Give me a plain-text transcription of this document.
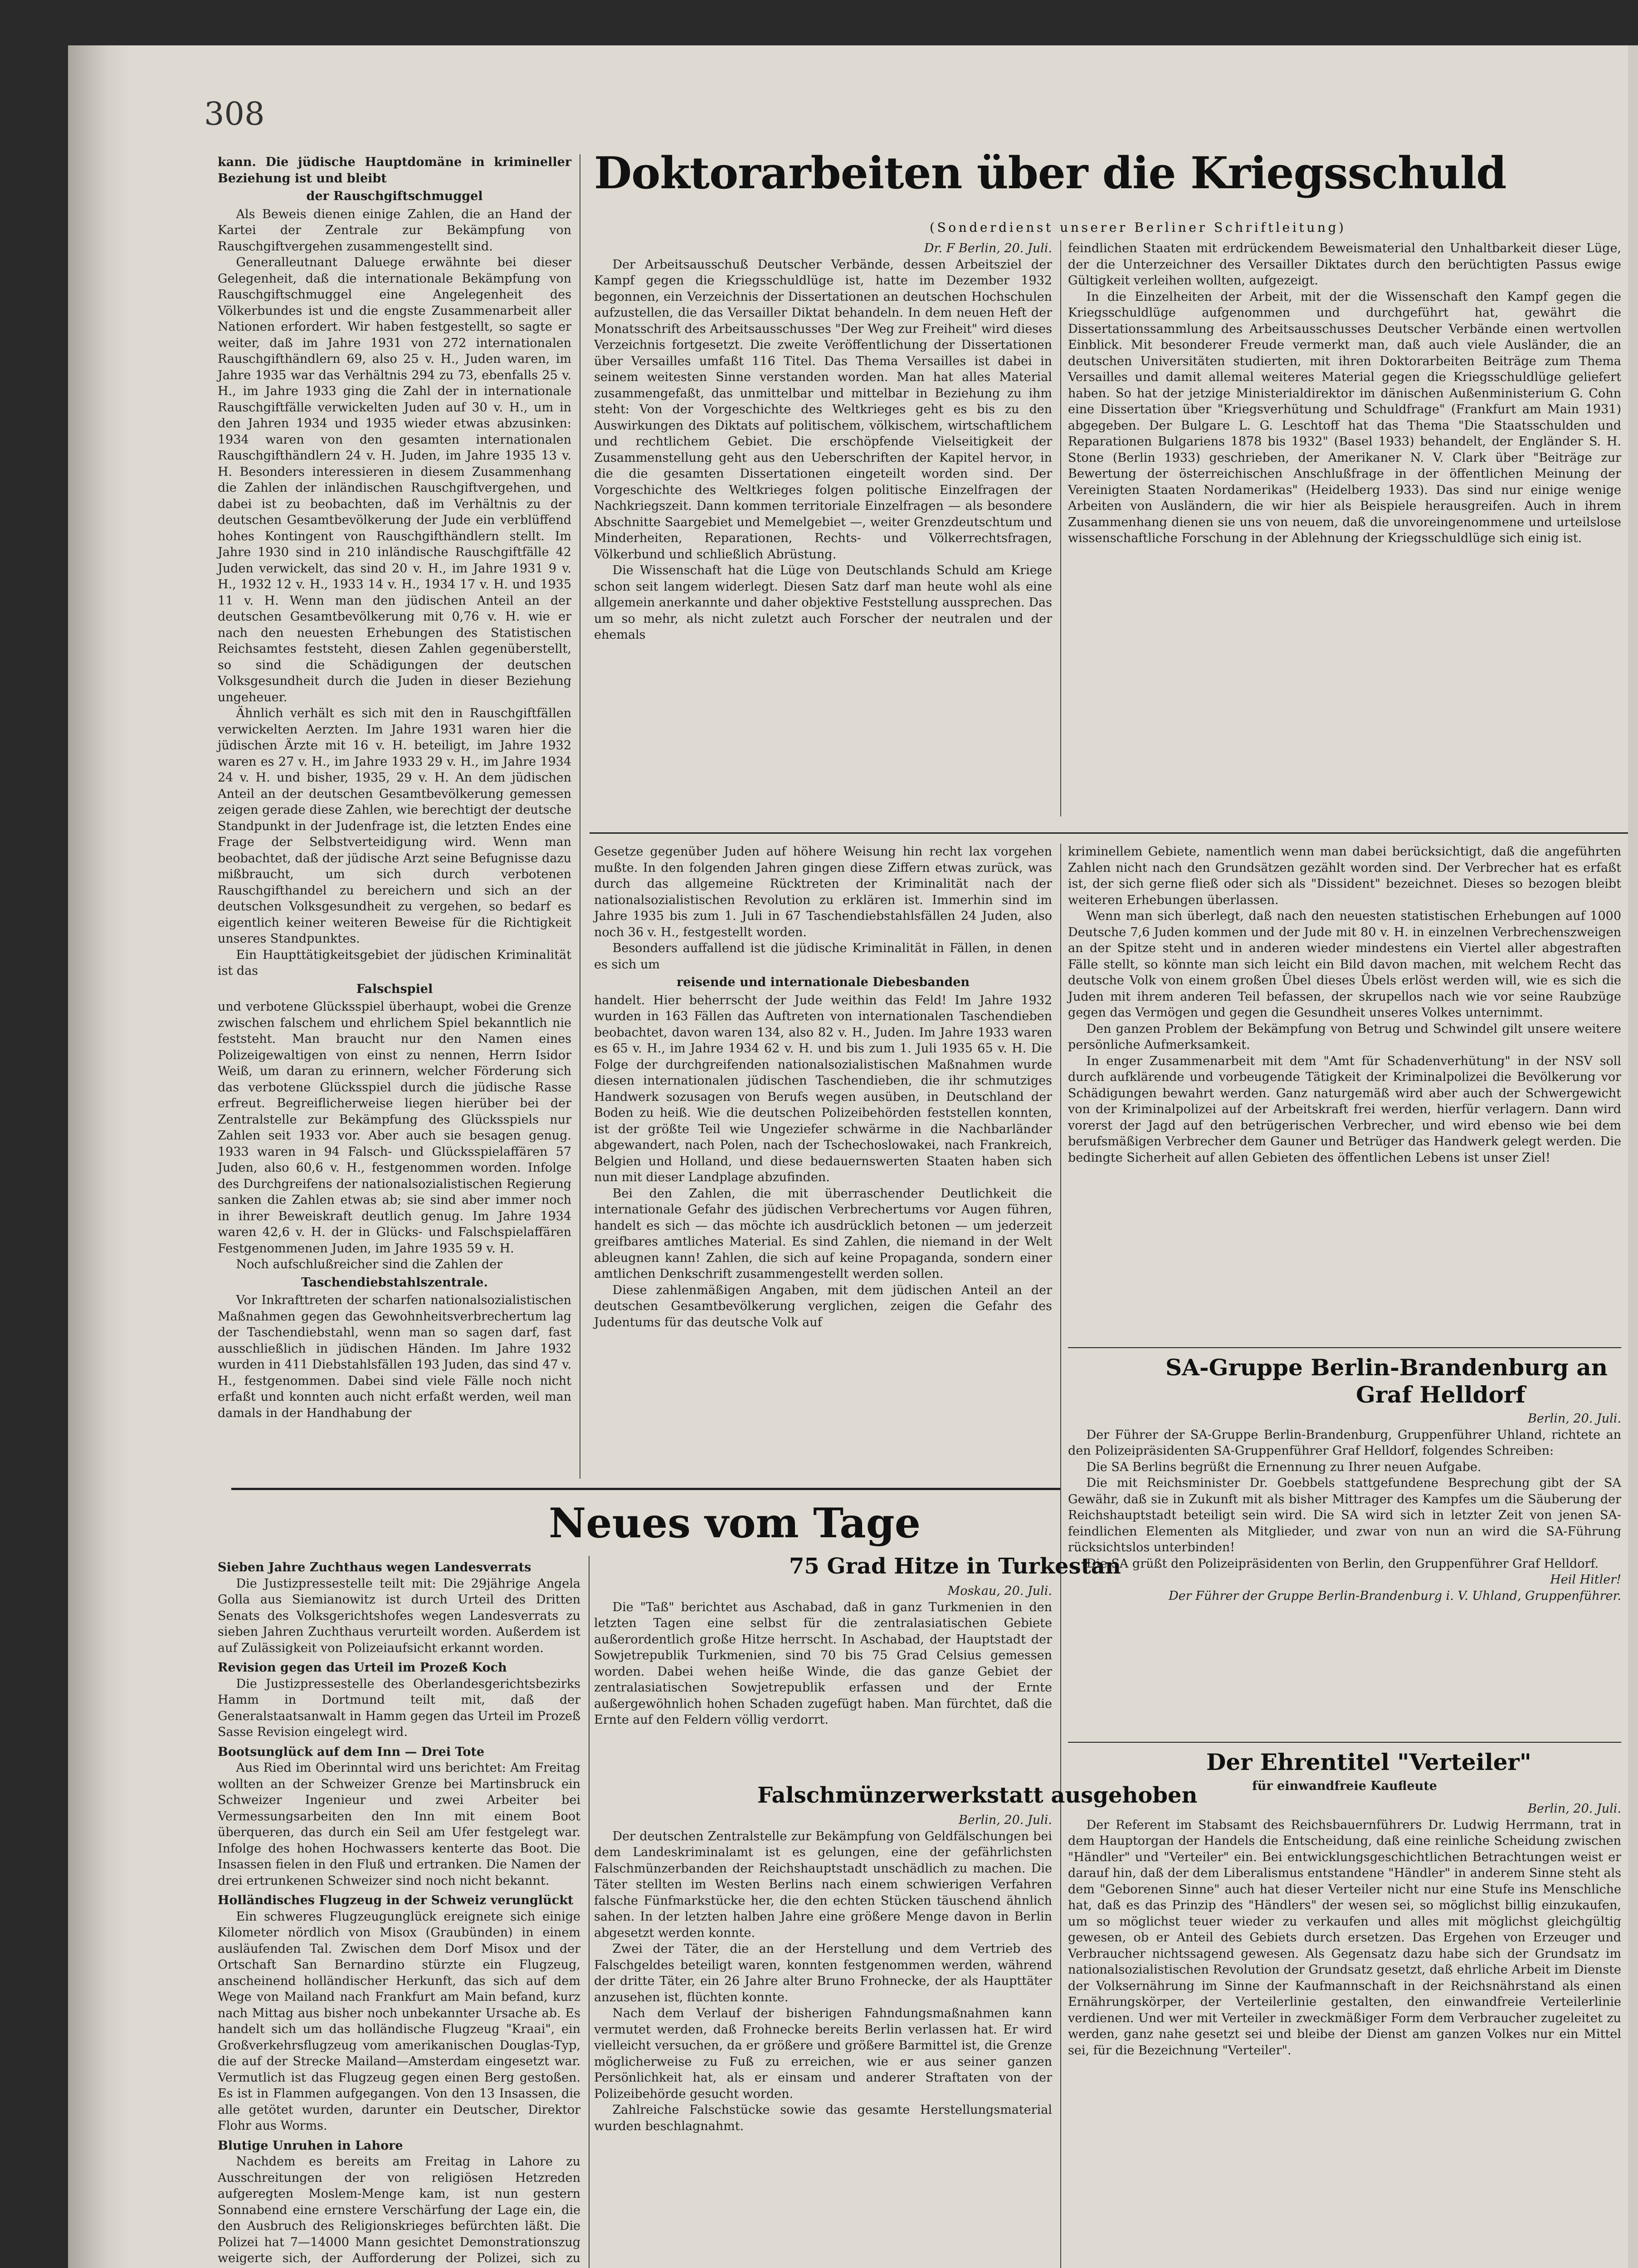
308

kann. Die jüdische Hauptdomäne in krimineller Beziehung ist und bleibt

der Rauschgiftschmuggel

Als Beweis dienen einige Zahlen, die an Hand der Kartei der Zentrale zur Bekämpfung von Rauschgiftvergehen zusammengestellt sind.

Generalleutnant Daluege erwähnte bei dieser Gelegenheit, daß die internationale Bekämpfung von Rauschgiftschmuggel eine Angelegenheit des Völkerbundes ist und die engste Zusammenarbeit aller Nationen erfordert. Wir haben festgestellt, so sagte er weiter, daß im Jahre 1931 von 272 internationalen Rauschgifthändlern 69, also 25 v. H., Juden waren, im Jahre 1935 war das Verhältnis 294 zu 73, ebenfalls 25 v. H., im Jahre 1933 ging die Zahl der in internationale Rauschgiftfälle verwickelten Juden auf 30 v. H., um in den Jahren 1934 und 1935 wieder etwas abzusinken: 1934 waren von den gesamten internationalen Rauschgifthändlern 24 v. H. Juden, im Jahre 1935 13 v. H. Besonders interessieren in diesem Zusammenhang die Zahlen der inländischen Rauschgiftvergehen, und dabei ist zu beobachten, daß im Verhältnis zu der deutschen Gesamtbevölkerung der Jude ein verblüffend hohes Kontingent von Rauschgifthändlern stellt. Im Jahre 1930 sind in 210 inländische Rauschgiftfälle 42 Juden verwickelt, das sind 20 v. H., im Jahre 1931 9 v. H., 1932 12 v. H., 1933 14 v. H., 1934 17 v. H. und 1935 11 v. H. Wenn man den jüdischen Anteil an der deutschen Gesamtbevölkerung mit 0,76 v. H. wie er nach den neuesten Erhebungen des Statistischen Reichsamtes feststeht, diesen Zahlen gegenüberstellt, so sind die Schädigungen der deutschen Volksgesundheit durch die Juden in dieser Beziehung ungeheuer.

Ähnlich verhält es sich mit den in Rauschgiftfällen verwickelten Aerzten. Im Jahre 1931 waren hier die jüdischen Ärzte mit 16 v. H. beteiligt, im Jahre 1932 waren es 27 v. H., im Jahre 1933 29 v. H., im Jahre 1934 24 v. H. und bisher, 1935, 29 v. H. An dem jüdischen Anteil an der deutschen Gesamtbevölkerung gemessen zeigen gerade diese Zahlen, wie berechtigt der deutsche Standpunkt in der Judenfrage ist, die letzten Endes eine Frage der Selbstverteidigung wird. Wenn man beobachtet, daß der jüdische Arzt seine Befugnisse dazu mißbraucht, um sich durch verbotenen Rauschgifthandel zu bereichern und sich an der deutschen Volksgesundheit zu vergehen, so bedarf es eigentlich keiner weiteren Beweise für die Richtigkeit unseres Standpunktes.

Ein Haupttätigkeitsgebiet der jüdischen Kriminalität ist das

Falschspiel

und verbotene Glücksspiel überhaupt, wobei die Grenze zwischen falschem und ehrlichem Spiel bekanntlich nie feststeht. Man braucht nur den Namen eines Polizeigewaltigen von einst zu nennen, Herrn Isidor Weiß, um daran zu erinnern, welcher Förderung sich das verbotene Glücksspiel durch die jüdische Rasse erfreut. Begreiflicherweise liegen hierüber bei der Zentralstelle zur Bekämpfung des Glücksspiels nur Zahlen seit 1933 vor. Aber auch sie besagen genug. 1933 waren in 94 Falsch- und Glücksspielaffären 57 Juden, also 60,6 v. H., festgenommen worden. Infolge des Durchgreifens der nationalsozialistischen Regierung sanken die Zahlen etwas ab; sie sind aber immer noch in ihrer Beweiskraft deutlich genug. Im Jahre 1934 waren 42,6 v. H. der in Glücks- und Falschspielaffären Festgenommenen Juden, im Jahre 1935 59 v. H.

Noch aufschlußreicher sind die Zahlen der

Taschendiebstahlszentrale.

Vor Inkrafttreten der scharfen nationalsozialistischen Maßnahmen gegen das Gewohnheitsverbrechertum lag der Taschendiebstahl, wenn man so sagen darf, fast ausschließlich in jüdischen Händen. Im Jahre 1932 wurden in 411 Diebstahlsfällen 193 Juden, das sind 47 v. H., festgenommen. Dabei sind viele Fälle noch nicht erfaßt und konnten auch nicht erfaßt werden, weil man damals in der Handhabung der

Doktorarbeiten über die Kriegsschuld
(Sonderdienst unserer Berliner Schriftleitung)

Dr. F Berlin, 20. Juli.

Der Arbeitsausschuß Deutscher Verbände, dessen Arbeitsziel der Kampf gegen die Kriegsschuldlüge ist, hatte im Dezember 1932 begonnen, ein Verzeichnis der Dissertationen an deutschen Hochschulen aufzustellen, die das Versailler Diktat behandeln. In dem neuen Heft der Monatsschrift des Arbeitsausschusses "Der Weg zur Freiheit" wird dieses Verzeichnis fortgesetzt. Die zweite Veröffentlichung der Dissertationen über Versailles umfaßt 116 Titel. Das Thema Versailles ist dabei in seinem weitesten Sinne verstanden worden. Man hat alles Material zusammengefaßt, das unmittelbar und mittelbar in Beziehung zu ihm steht: Von der Vorgeschichte des Weltkrieges geht es bis zu den Auswirkungen des Diktats auf politischem, völkischem, wirtschaftlichem und rechtlichem Gebiet. Die erschöpfende Vielseitigkeit der Zusammenstellung geht aus den Ueberschriften der Kapitel hervor, in die die gesamten Dissertationen eingeteilt worden sind. Der Vorgeschichte des Weltkrieges folgen politische Einzelfragen der Nachkriegszeit. Dann kommen territoriale Einzelfragen — als besondere Abschnitte Saargebiet und Memelgebiet —, weiter Grenzdeutschtum und Minderheiten, Reparationen, Rechts- und Völkerrechtsfragen, Völkerbund und schließlich Abrüstung.

Die Wissenschaft hat die Lüge von Deutschlands Schuld am Kriege schon seit langem widerlegt. Diesen Satz darf man heute wohl als eine allgemein anerkannte und daher objektive Feststellung aussprechen. Das um so mehr, als nicht zuletzt auch Forscher der neutralen und der ehemals

feindlichen Staaten mit erdrückendem Beweismaterial den Unhaltbarkeit dieser Lüge, der die Unterzeichner des Versailler Diktates durch den berüchtigten Passus ewige Gültigkeit verleihen wollten, aufgezeigt.

In die Einzelheiten der Arbeit, mit der die Wissenschaft den Kampf gegen die Kriegsschuldlüge aufgenommen und durchgeführt hat, gewährt die Dissertationssammlung des Arbeitsausschusses Deutscher Verbände einen wertvollen Einblick. Mit besonderer Freude vermerkt man, daß auch viele Ausländer, die an deutschen Universitäten studierten, mit ihren Doktorarbeiten Beiträge zum Thema Versailles und damit allemal weiteres Material gegen die Kriegsschuldlüge geliefert haben. So hat der jetzige Ministerialdirektor im dänischen Außenministerium G. Cohn eine Dissertation über "Kriegsverhütung und Schuldfrage" (Frankfurt am Main 1931) abgegeben. Der Bulgare L. G. Leschtoff hat das Thema "Die Staatsschulden und Reparationen Bulgariens 1878 bis 1932" (Basel 1933) behandelt, der Engländer S. H. Stone (Berlin 1933) geschrieben, der Amerikaner N. V. Clark über "Beiträge zur Bewertung der österreichischen Anschlußfrage in der öffentlichen Meinung der Vereinigten Staaten Nordamerikas" (Heidelberg 1933). Das sind nur einige wenige Arbeiten von Ausländern, die wir hier als Beispiele herausgreifen. Auch in ihrem Zusammenhang dienen sie uns von neuem, daß die unvoreingenommene und urteilslose wissenschaftliche Forschung in der Ablehnung der Kriegsschuldlüge sich einig ist.

Gesetze gegenüber Juden auf höhere Weisung hin recht lax vorgehen mußte. In den folgenden Jahren gingen diese Ziffern etwas zurück, was durch das allgemeine Rücktreten der Kriminalität nach der nationalsozialistischen Revolution zu erklären ist. Immerhin sind im Jahre 1935 bis zum 1. Juli in 67 Taschendiebstahlsfällen 24 Juden, also noch 36 v. H., festgestellt worden.

Besonders auffallend ist die jüdische Kriminalität in Fällen, in denen es sich um

reisende und internationale Diebesbanden

handelt. Hier beherrscht der Jude weithin das Feld! Im Jahre 1932 wurden in 163 Fällen das Auftreten von internationalen Taschendieben beobachtet, davon waren 134, also 82 v. H., Juden. Im Jahre 1933 waren es 65 v. H., im Jahre 1934 62 v. H. und bis zum 1. Juli 1935 65 v. H. Die Folge der durchgreifenden nationalsozialistischen Maßnahmen wurde diesen internationalen jüdischen Taschendieben, die ihr schmutziges Handwerk sozusagen von Berufs wegen ausüben, in Deutschland der Boden zu heiß. Wie die deutschen Polizeibehörden feststellen konnten, ist der größte Teil wie Ungeziefer schwärme in die Nachbarländer abgewandert, nach Polen, nach der Tschechoslowakei, nach Frankreich, Belgien und Holland, und diese bedauernswerten Staaten haben sich nun mit dieser Landplage abzufinden.

Bei den Zahlen, die mit überraschender Deutlichkeit die internationale Gefahr des jüdischen Verbrechertums vor Augen führen, handelt es sich — das möchte ich ausdrücklich betonen — um jederzeit greifbares amtliches Material. Es sind Zahlen, die niemand in der Welt ableugnen kann! Zahlen, die sich auf keine Propaganda, sondern einer amtlichen Denkschrift zusammengestellt werden sollen.

Diese zahlenmäßigen Angaben, mit dem jüdischen Anteil an der deutschen Gesamtbevölkerung verglichen, zeigen die Gefahr des Judentums für das deutsche Volk auf

kriminellem Gebiete, namentlich wenn man dabei berücksichtigt, daß die angeführten Zahlen nicht nach den Grundsätzen gezählt worden sind. Der Verbrecher hat es erfaßt ist, der sich gerne fließ oder sich als "Dissident" bezeichnet. Dieses so bezogen bleibt weiteren Erhebungen überlassen.

Wenn man sich überlegt, daß nach den neuesten statistischen Erhebungen auf 1000 Deutsche 7,6 Juden kommen und der Jude mit 80 v. H. in einzelnen Verbrechenszweigen an der Spitze steht und in anderen wieder mindestens ein Viertel aller abgestraften Fälle stellt, so könnte man sich leicht ein Bild davon machen, mit welchem Recht das deutsche Volk von einem großen Übel dieses Übels erlöst werden will, wie es sich die Juden mit ihrem anderen Teil befassen, der skrupellos nach wie vor seine Raubzüge gegen das Vermögen und gegen die Gesundheit unseres Volkes unternimmt.

Den ganzen Problem der Bekämpfung von Betrug und Schwindel gilt unsere weitere persönliche Aufmerksamkeit.

In enger Zusammenarbeit mit dem "Amt für Schadenverhütung" in der NSV soll durch aufklärende und vorbeugende Tätigkeit der Kriminalpolizei die Bevölkerung vor Schädigungen bewahrt werden. Ganz naturgemäß wird aber auch der Schwergewicht von der Kriminalpolizei auf der Arbeitskraft frei werden, hierfür verlagern. Dann wird vorerst der Jagd auf den betrügerischen Verbrecher, und wird ebenso wie bei dem berufsmäßigen Verbrecher dem Gauner und Betrüger das Handwerk gelegt werden. Die bedingte Sicherheit auf allen Gebieten des öffentlichen Lebens ist unser Ziel!

SA-Gruppe Berlin-Brandenburg an
Graf Helldorf

Berlin, 20. Juli.

Der Führer der SA-Gruppe Berlin-Brandenburg, Gruppenführer Uhland, richtete an den Polizeipräsidenten SA-Gruppenführer Graf Helldorf, folgendes Schreiben:

Die SA Berlins begrüßt die Ernennung zu Ihrer neuen Aufgabe.

Die mit Reichsminister Dr. Goebbels stattgefundene Besprechung gibt der SA Gewähr, daß sie in Zukunft mit als bisher Mittrager des Kampfes um die Säuberung der Reichshauptstadt beteiligt sein wird. Die SA wird sich in letzter Zeit von jenen SA-feindlichen Elementen als Mitglieder, und zwar von nun an wird die SA-Führung rücksichtslos unterbinden!

Die SA grüßt den Polizeipräsidenten von Berlin, den Gruppenführer Graf Helldorf.

Heil Hitler!

Der Führer der Gruppe Berlin-Brandenburg i. V. Uhland, Gruppenführer.

Der Ehrentitel "Verteiler"

für einwandfreie Kaufleute

Berlin, 20. Juli.

Der Referent im Stabsamt des Reichsbauernführers Dr. Ludwig Herrmann, trat in dem Hauptorgan der Handels die Entscheidung, daß eine reinliche Scheidung zwischen "Händler" und "Verteiler" ein. Bei entwicklungsgeschichtlichen Betrachtungen weist er darauf hin, daß der dem Liberalismus entstandene "Händler" in anderem Sinne steht als dem "Geborenen Sinne" auch hat dieser Verteiler nicht nur eine Stufe ins Menschliche hat, daß es das Prinzip des "Händlers" der wesen sei, so möglichst billig einzukaufen, um so möglichst teuer wieder zu verkaufen und alles mit möglichst gleichgültig gewesen, ob er Anteil des Gebiets durch ersetzen. Das Ergehen von Erzeuger und Verbraucher nichtssagend gewesen. Als Gegensatz dazu habe sich der Grundsatz im nationalsozialistischen Revolution der Grundsatz gesetzt, daß ehrliche Arbeit im Dienste der Volksernährung im Sinne der Kaufmannschaft in der Reichsnährstand als einen Ernährungskörper, der Verteilerlinie gestalten, den einwandfreie Verteilerlinie verdienen. Und wer mit Verteiler in zweckmäßiger Form dem Verbraucher zugeleitet zu werden, ganz nahe gesetzt sei und bleibe der Dienst am ganzen Volkes nur ein Mittel sei, für die Bezeichnung "Verteiler".

Neues vom Tage

Sieben Jahre Zuchthaus wegen Landesverrats

Die Justizpressestelle teilt mit: Die 29jährige Angela Golla aus Siemianowitz ist durch Urteil des Dritten Senats des Volksgerichtshofes wegen Landesverrats zu sieben Jahren Zuchthaus verurteilt worden. Außerdem ist auf Zulässigkeit von Polizeiaufsicht erkannt worden.

Revision gegen das Urteil im Prozeß Koch

Die Justizpressestelle des Oberlandesgerichtsbezirks Hamm in Dortmund teilt mit, daß der Generalstaatsanwalt in Hamm gegen das Urteil im Prozeß Sasse Revision eingelegt wird.

Bootsunglück auf dem Inn — Drei Tote

Aus Ried im Oberinntal wird uns berichtet: Am Freitag wollten an der Schweizer Grenze bei Martinsbruck ein Schweizer Ingenieur und zwei Arbeiter bei Vermessungsarbeiten den Inn mit einem Boot überqueren, das durch ein Seil am Ufer festgelegt war. Infolge des hohen Hochwassers kenterte das Boot. Die Insassen fielen in den Fluß und ertranken. Die Namen der drei ertrunkenen Schweizer sind noch nicht bekannt.

Holländisches Flugzeug in der Schweiz verunglückt

Ein schweres Flugzeugunglück ereignete sich einige Kilometer nördlich von Misox (Graubünden) in einem ausläufenden Tal. Zwischen dem Dorf Misox und der Ortschaft San Bernardino stürzte ein Flugzeug, anscheinend holländischer Herkunft, das sich auf dem Wege von Mailand nach Frankfurt am Main befand, kurz nach Mittag aus bisher noch unbekannter Ursache ab. Es handelt sich um das holländische Flugzeug "Kraai", ein Großverkehrsflugzeug vom amerikanischen Douglas-Typ, die auf der Strecke Mailand—Amsterdam eingesetzt war. Vermutlich ist das Flugzeug gegen einen Berg gestoßen. Es ist in Flammen aufgegangen. Von den 13 Insassen, die alle getötet wurden, darunter ein Deutscher, Direktor Flohr aus Worms.

Blutige Unruhen in Lahore

Nachdem es bereits am Freitag in Lahore zu Ausschreitungen der von religiösen Hetzreden aufgeregten Moslem-Menge kam, ist nun gestern Sonnabend eine ernstere Verschärfung der Lage ein, die den Ausbruch des Religionskrieges befürchten läßt. Die Polizei hat 7—14000 Mann gesichtet Demonstrationszug weigerte sich, der Aufforderung der Polizei, sich zu

75 Grad Hitze in Turkestan

Moskau, 20. Juli.

Die "Taß" berichtet aus Aschabad, daß in ganz Turkmenien in den letzten Tagen eine selbst für die zentralasiatischen Gebiete außerordentlich große Hitze herrscht. In Aschabad, der Hauptstadt der Sowjetrepublik Turkmenien, sind 70 bis 75 Grad Celsius gemessen worden. Dabei wehen heiße Winde, die das ganze Gebiet der zentralasiatischen Sowjetrepublik erfassen und der Ernte außergewöhnlich hohen Schaden zugefügt haben. Man fürchtet, daß die Ernte auf den Feldern völlig verdorrt.

Falschmünzerwerkstatt ausgehoben

Berlin, 20. Juli.

Der deutschen Zentralstelle zur Bekämpfung von Geldfälschungen bei dem Landeskriminalamt ist es gelungen, eine der gefährlichsten Falschmünzerbanden der Reichshauptstadt unschädlich zu machen. Die Täter stellten im Westen Berlins nach einem schwierigen Verfahren falsche Fünfmarkstücke her, die den echten Stücken täuschend ähnlich sahen. In der letzten halben Jahre eine größere Menge davon in Berlin abgesetzt werden konnte.

Zwei der Täter, die an der Herstellung und dem Vertrieb des Falschgeldes beteiligt waren, konnten festgenommen werden, während der dritte Täter, ein 26 Jahre alter Bruno Frohnecke, der als Haupttäter anzusehen ist, flüchten konnte.

Nach dem Verlauf der bisherigen Fahndungsmaßnahmen kann vermutet werden, daß Frohnecke bereits Berlin verlassen hat. Er wird vielleicht versuchen, da er größere und größere Barmittel ist, die Grenze möglicherweise zu Fuß zu erreichen, wie er aus seiner ganzen Persönlichkeit hat, als er einsam und anderer Straftaten von der Polizeibehörde gesucht worden.

Zahlreiche Falschstücke sowie das gesamte Herstellungsmaterial wurden beschlagnahmt.
